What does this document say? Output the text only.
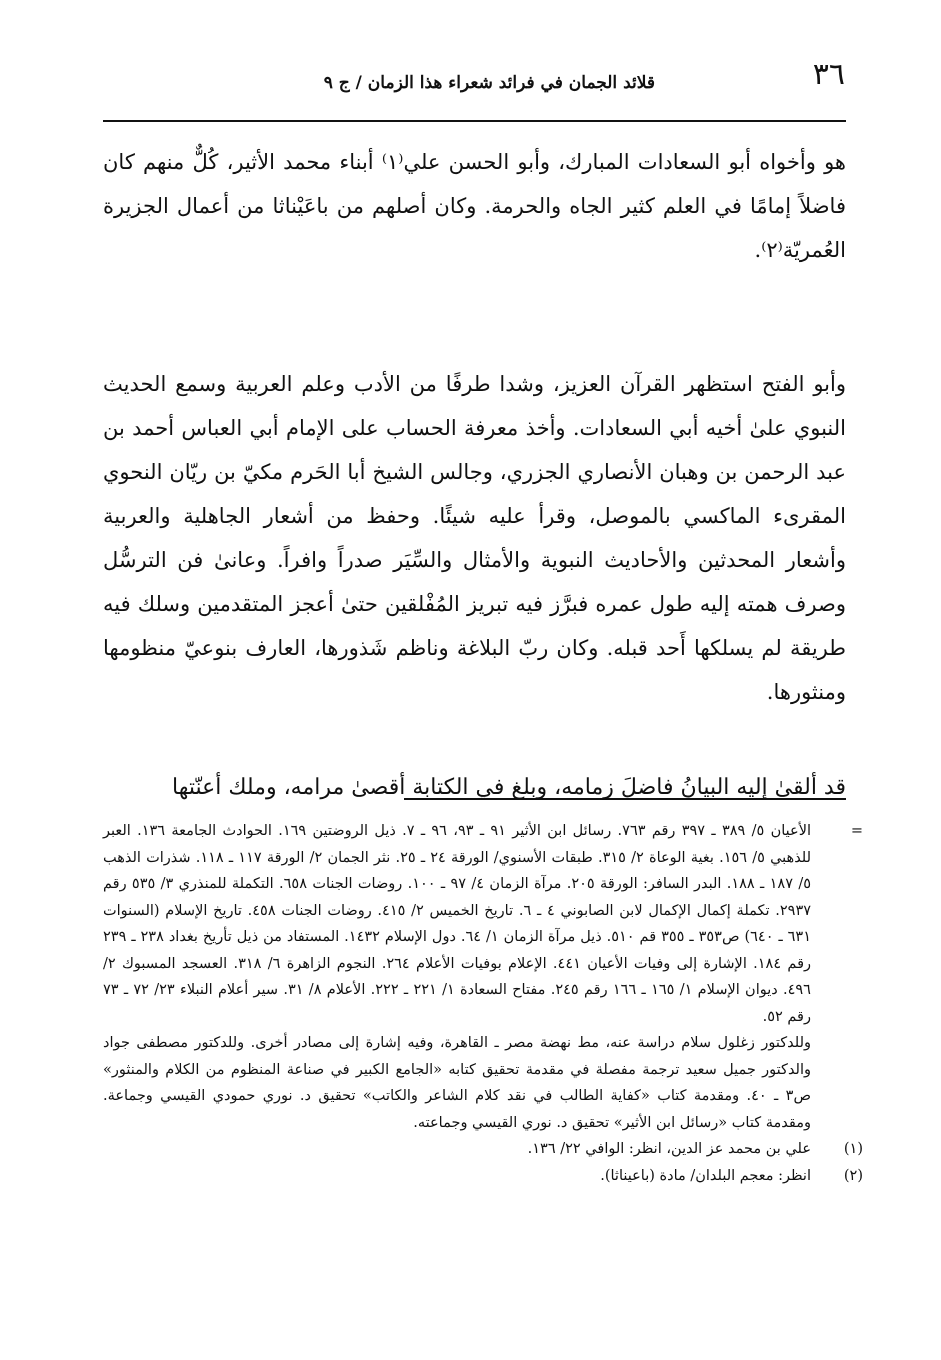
٣٦
قلائد الجمان في فرائد شعراء هذا الزمان / ج ٩

هو وأخواه أبو السعادات المبارك، وأبو الحسن علي⁽١⁾ أبناء محمد الأثير، كُلٌّ منهم كان فاضلاً إمامًا في العلم كثير الجاه والحرمة. وكان أصلهم من باعَيْناثا من أعمال الجزيرة العُمريّة⁽٢⁾.

وأبو الفتح استظهر القرآن العزيز، وشدا طرفًا من الأدب وعلم العربية وسمع الحديث النبوي علىٰ أخيه أبي السعادات. وأخذ معرفة الحساب على الإمام أبي العباس أحمد بن عبد الرحمن بن وهبان الأنصاري الجزري، وجالس الشيخ أبا الحَرم مكيّ بن ريّان النحوي المقرىء الماكسي بالموصل، وقرأ عليه شيئًا. وحفظ من أشعار الجاهلية والعربية وأشعار المحدثين والأحاديث النبوية والأمثال والسِّيَر صدراً وافراً. وعانىٰ فن الترسُّل وصرف همته إليه طول عمره فبرَّز فيه تبريز المُفْلقين حتىٰ أعجز المتقدمين وسلك فيه طريقة لم يسلكها أَحد قبله. وكان ربّ البلاغة وناظم شَذورها، العارف بنوعيّ منظومها ومنثورها.

قد ألقىٰ إليه البيانُ فاضلَ زمامه، وبلغ في الكتابة أقصىٰ مرامه، وملك أعنّتها

=
الأعيان ٥/ ٣٨٩ ـ ٣٩٧ رقم ٧٦٣. رسائل ابن الأثير ٩١ ـ ٩٣، ٩٦ ـ ٧. ذيل الروضتين ١٦٩. الحوادث الجامعة ١٣٦. العبر للذهبي ٥/ ١٥٦. بغية الوعاة ٢/ ٣١٥. طبقات الأسنوي/ الورقة ٢٤ ـ ٢٥. نثر الجمان ٢/ الورقة ١١٧ ـ ١١٨. شذرات الذهب ٥/ ١٨٧ ـ ١٨٨. البدر السافر: الورقة ٢٠٥. مرآة الزمان ٤/ ٩٧ ـ ١٠٠. روضات الجنات ٦٥٨. التكملة للمنذري ٣/ ٥٣٥ رقم ٢٩٣٧. تكملة إكمال الإكمال لابن الصابوني ٤ ـ ٦. تاريخ الخميس ٢/ ٤١٥. روضات الجنات ٤٥٨. تاريخ الإسلام (السنوات ٦٣١ ـ ٦٤٠) ص٣٥٣ ـ ٣٥٥ قم ٥١٠. ذيل مرآة الزمان ١/ ٦٤. دول الإسلام ١٤٣٢. المستفاد من ذيل تأريخ بغداد ٢٣٨ ـ ٢٣٩ رقم ١٨٤. الإشارة إلى وفيات الأعيان ٤٤١. الإعلام بوفيات الأعلام ٢٦٤. النجوم الزاهرة ٦/ ٣١٨. العسجد المسبوك ٢/ ٤٩٦. ديوان الإسلام ١/ ١٦٥ ـ ١٦٦ رقم ٢٤٥. مفتاح السعادة ١/ ٢٢١ ـ ٢٢٢. الأعلام ٨/ ٣١. سير أعلام النبلاء ٢٣/ ٧٢ ـ ٧٣ رقم ٥٢.

وللدكتور زغلول سلام دراسة عنه، مط نهضة مصر ـ القاهرة، وفيه إشارة إلى مصادر أخرى. وللدكتور مصطفى جواد والدكتور جميل سعيد ترجمة مفصلة في مقدمة تحقيق كتابه «الجامع الكبير في صناعة المنظوم من الكلام والمنثور» ص٣ ـ ٤٠. ومقدمة كتاب «كفاية الطالب في نقد كلام الشاعر والكاتب» تحقيق د. نوري حمودي القيسي وجماعة. ومقدمة كتاب «رسائل ابن الأثير» تحقيق د. نوري القيسي وجماعته.

(١)
علي بن محمد عز الدين، انظر: الوافي ٢٢/ ١٣٦.

(٢)
انظر: معجم البلدان/ مادة (باعيناثا).
